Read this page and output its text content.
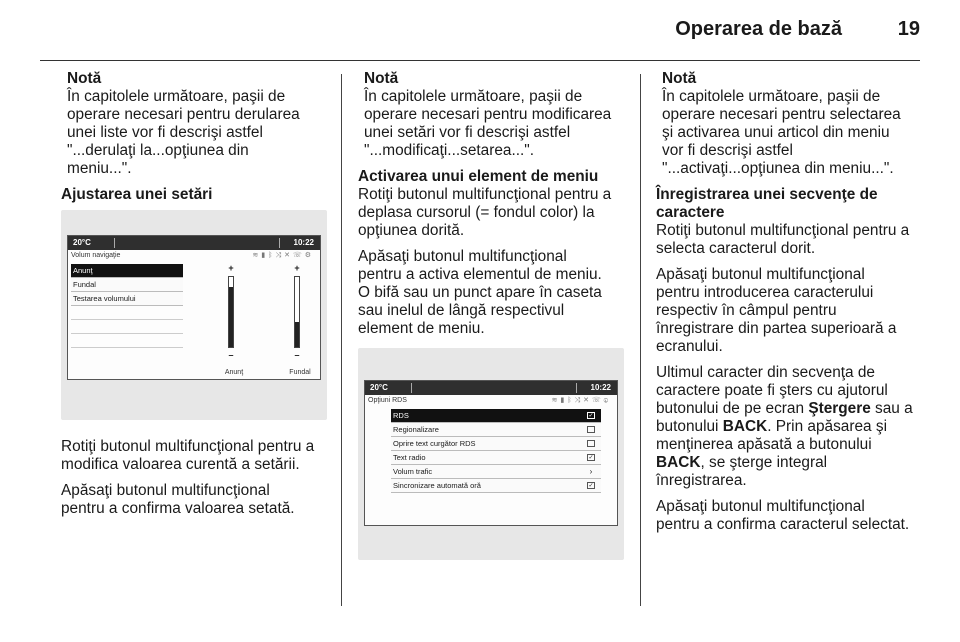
Operarea de bază	19
Notă
În capitolele următoare, paşii de
operare necesari pentru derularea
unei liste vor fi descrişi astfel
"...derulaţi la...opţiunea din
meniu...".
Ajustarea unei setări
20°C	10:22
Volum navigaţie	≋▮ᛒ⤨✕☏⚙
Anunţ
Fundal
Testarea volumului
+
–
Anunţ
+
–
Fundal
Rotiţi butonul multifuncţional pentru a
modifica valoarea curentă a setării.
Apăsaţi butonul multifuncţional
pentru a confirma valoarea setată.
Notă
În capitolele următoare, paşii de
operare necesari pentru modificarea
unei setări vor fi descrişi astfel
"...modificaţi...setarea...".
Activarea unui element de meniu
Rotiţi butonul multifuncţional pentru a
deplasa cursorul (= fondul color) la
opţiunea dorită.
Apăsaţi butonul multifuncţional
pentru a activa elementul de meniu.
O bifă sau un punct apare în caseta
sau inelul de lângă respectivul
element de meniu.
20°C	10:22
Opţiuni RDS	≋▮ᛒ⤨✕☏ⓘ
RDS	✓
Regionalizare
Oprire text curgător RDS
Text radio	✓
Volum trafic	›
Sincronizare automată oră	✓
Notă
În capitolele următoare, paşii de
operare necesari pentru selectarea
şi activarea unui articol din meniu
vor fi descrişi astfel
"...activaţi...opţiunea din meniu...".
Înregistrarea unei secvenţe de
caractere
Rotiţi butonul multifuncţional pentru a
selecta caracterul dorit.
Apăsaţi butonul multifuncţional
pentru introducerea caracterului
respectiv în câmpul pentru
înregistrare din partea superioară a
ecranului.
Ultimul caracter din secvenţa de
caractere poate fi şters cu ajutorul
butonului de pe ecran Ştergere sau a
butonului BACK. Prin apăsarea şi
menţinerea apăsată a butonului
BACK, se şterge integral
înregistrarea.
Apăsaţi butonul multifuncţional
pentru a confirma caracterul selectat.
